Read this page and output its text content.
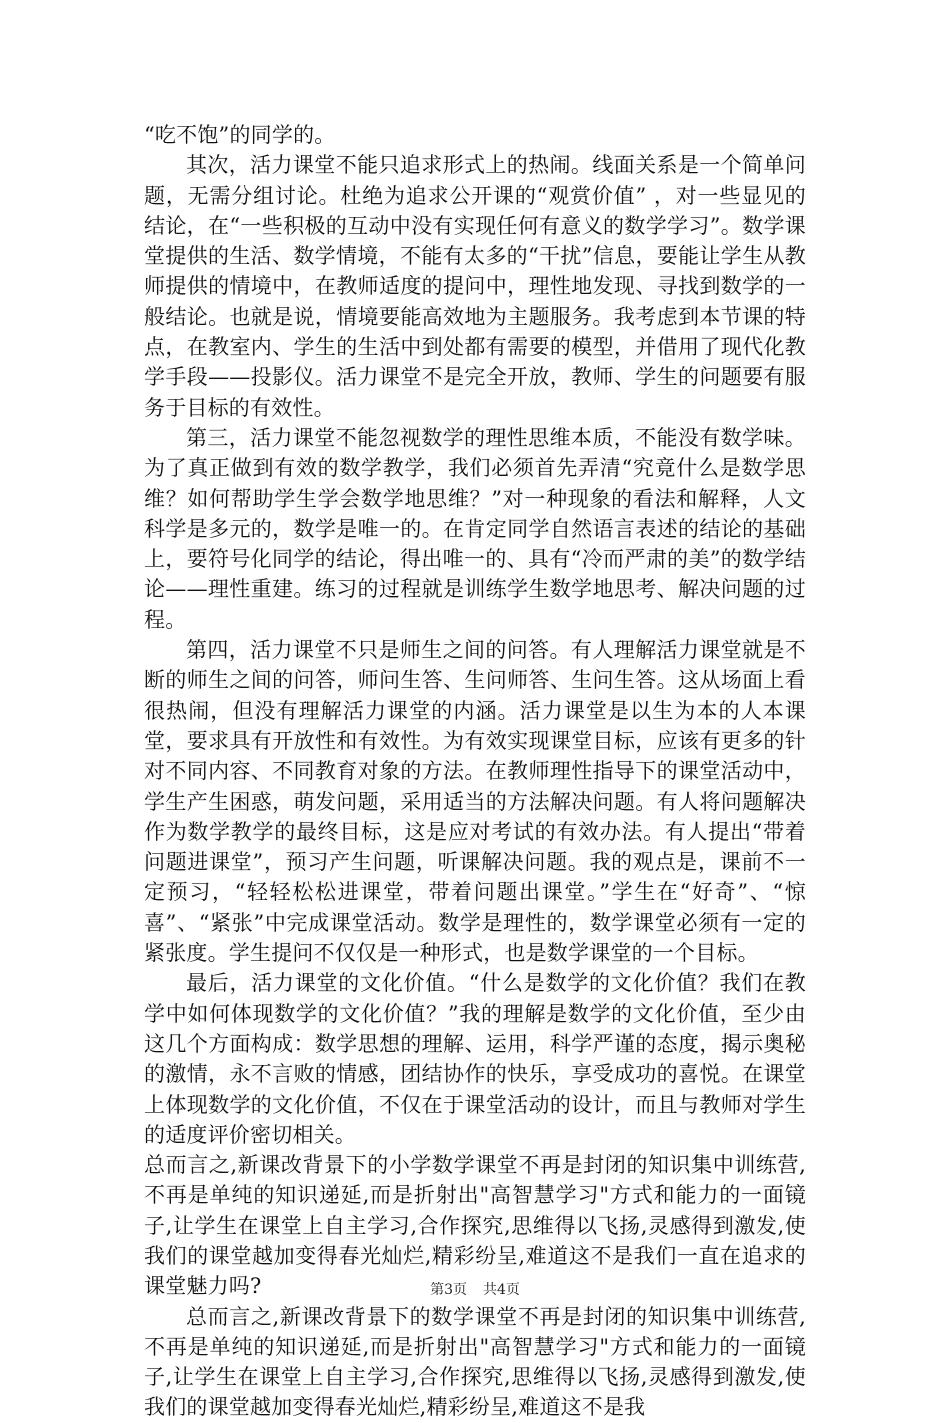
“吃不饱”的同学的。

其次，活力课堂不能只追求形式上的热闹。线面关系是一个简单问题，无需分组讨论。杜绝为追求公开课的“观赏价值” ，对一些显见的结论，在“一些积极的互动中没有实现任何有意义的数学学习”。数学课堂提供的生活、数学情境，不能有太多的“干扰”信息，要能让学生从教师提供的情境中，在教师适度的提问中，理性地发现、寻找到数学的一般结论。也就是说，情境要能高效地为主题服务。我考虑到本节课的特点，在教室内、学生的生活中到处都有需要的模型，并借用了现代化教学手段——投影仪。活力课堂不是完全开放，教师、学生的问题要有服务于目标的有效性。

第三，活力课堂不能忽视数学的理性思维本质，不能没有数学味。为了真正做到有效的数学教学，我们必须首先弄清“究竟什么是数学思维？如何帮助学生学会数学地思维？”对一种现象的看法和解释，人文科学是多元的，数学是唯一的。在肯定同学自然语言表述的结论的基础上，要符号化同学的结论，得出唯一的、具有“冷而严肃的美”的数学结论——理性重建。练习的过程就是训练学生数学地思考、解决问题的过程。

第四，活力课堂不只是师生之间的问答。有人理解活力课堂就是不断的师生之间的问答，师问生答、生问师答、生问生答。这从场面上看很热闹，但没有理解活力课堂的内涵。活力课堂是以生为本的人本课堂，要求具有开放性和有效性。为有效实现课堂目标，应该有更多的针对不同内容、不同教育对象的方法。在教师理性指导下的课堂活动中，学生产生困惑，萌发问题，采用适当的方法解决问题。有人将问题解决作为数学教学的最终目标，这是应对考试的有效办法。有人提出“带着问题进课堂”，预习产生问题，听课解决问题。我的观点是，课前不一定预习，“轻轻松松进课堂，带着问题出课堂。”学生在“好奇”、“惊喜”、“紧张”中完成课堂活动。数学是理性的，数学课堂必须有一定的紧张度。学生提问不仅仅是一种形式，也是数学课堂的一个目标。

最后，活力课堂的文化价值。“什么是数学的文化价值？我们在教学中如何体现数学的文化价值？”我的理解是数学的文化价值，至少由这几个方面构成：数学思想的理解、运用，科学严谨的态度，揭示奥秘的激情，永不言败的情感，团结协作的快乐，享受成功的喜悦。在课堂上体现数学的文化价值，不仅在于课堂活动的设计，而且与教师对学生的适度评价密切相关。

总而言之,新课改背景下的小学数学课堂不再是封闭的知识集中训练营,不再是单纯的知识递延,而是折射出"高智慧学习"方式和能力的一面镜子,让学生在课堂上自主学习,合作探究,思维得以飞扬,灵感得到激发,使我们的课堂越加变得春光灿烂,精彩纷呈,难道这不是我们一直在追求的课堂魅力吗?

总而言之,新课改背景下的数学课堂不再是封闭的知识集中训练营,不再是单纯的知识递延,而是折射出"高智慧学习"方式和能力的一面镜子,让学生在课堂上自主学习,合作探究,思维得以飞扬,灵感得到激发,使我们的课堂越加变得春光灿烂,精彩纷呈,难道这不是我

第3页 共4页
